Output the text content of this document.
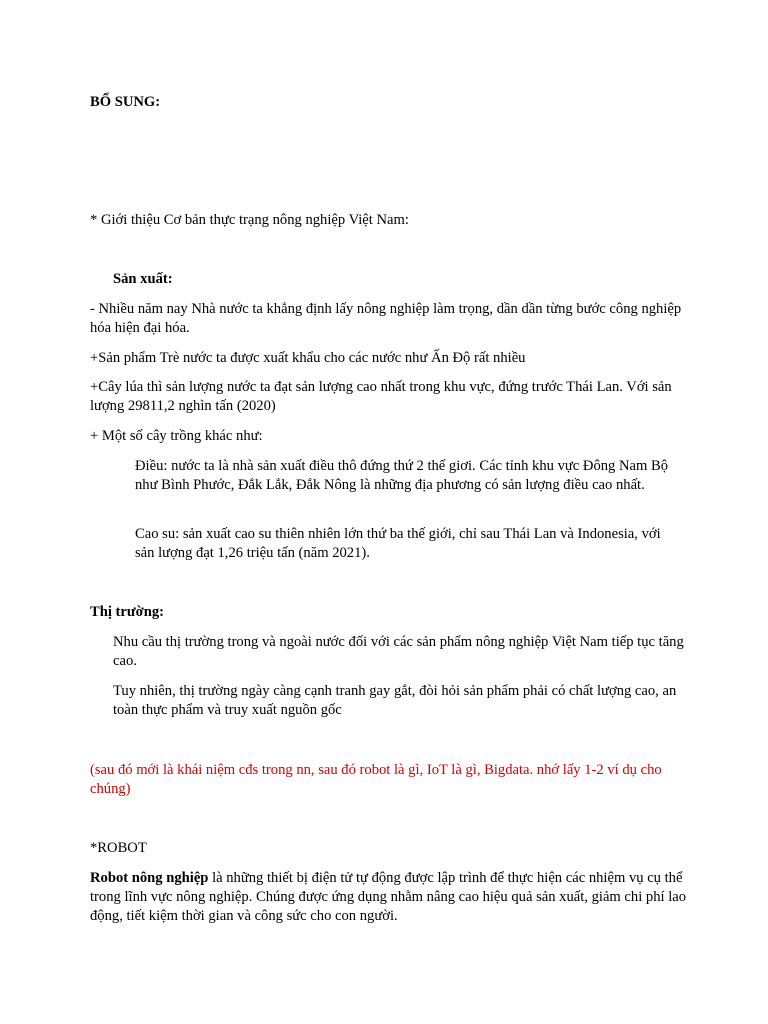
BỔ SUNG:

* Giới thiệu Cơ bản thực trạng nông nghiệp Việt Nam:

Sản xuất:

- Nhiều năm nay Nhà nước ta khẳng định lấy nông nghiệp làm trọng, dần dần từng bước công nghiệp hóa hiện đại hóa.

+Sản phẩm Trè nước ta được xuất khẩu cho các nước như Ấn Độ rất nhiều

+Cây lúa thì sản lượng nước ta đạt sản lượng cao nhất trong khu vực, đứng trước Thái Lan. Với sản lượng 29811,2 nghìn tấn (2020)

+ Một số cây trồng khác như:

Điều: nước ta là nhà sản xuất điều thô đứng thứ 2 thế giơi. Các tỉnh khu vực Đông Nam Bộ như Bình Phước, Đắk Lắk, Đắk Nông là những địa phương có sản lượng điều cao nhất.

Cao su: sản xuất cao su thiên nhiên lớn thứ ba thế giới, chỉ sau Thái Lan và Indonesia, với sản lượng đạt 1,26 triệu tấn (năm 2021).

Thị trường:

Nhu cầu thị trường trong và ngoài nước đối với các sản phẩm nông nghiệp Việt Nam tiếp tục tăng cao.

Tuy nhiên, thị trường ngày càng cạnh tranh gay gắt, đòi hỏi sản phẩm phải có chất lượng cao, an toàn thực phẩm và truy xuất nguồn gốc

(sau đó mới là khái niệm cđs trong nn, sau đó robot là gì, IoT là gì, Bigdata. nhớ lấy 1-2 ví dụ cho chúng)

*ROBOT

Robot nông nghiệp là những thiết bị điện tử tự động được lập trình để thực hiện các nhiệm vụ cụ thể trong lĩnh vực nông nghiệp. Chúng được ứng dụng nhằm nâng cao hiệu quả sản xuất, giảm chi phí lao động, tiết kiệm thời gian và công sức cho con người.
